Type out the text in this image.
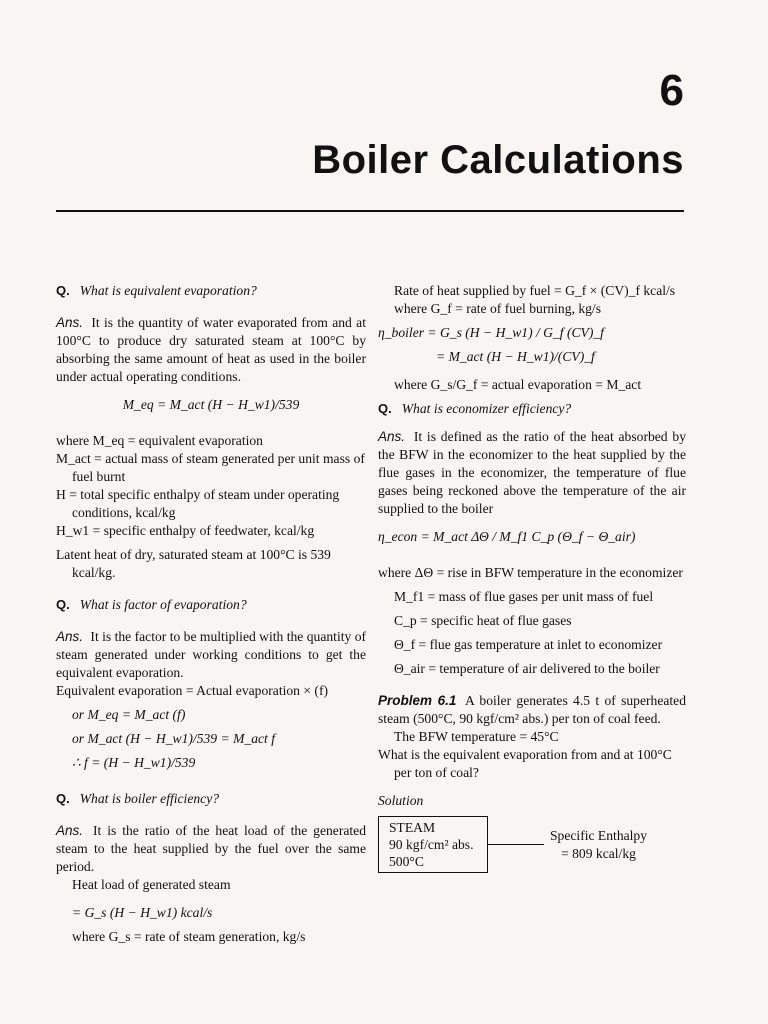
6
Boiler Calculations

Q. What is equivalent evaporation?

Ans. It is the quantity of water evaporated from and at 100°C to produce dry saturated steam at 100°C by absorbing the same amount of heat as used in the boiler under actual operating conditions.

M_eq = M_act (H − H_w1)/539

where M_eq = equivalent evaporation

M_act = actual mass of steam generated per unit mass of fuel burnt

H = total specific enthalpy of steam under operating conditions, kcal/kg

H_w1 = specific enthalpy of feedwater, kcal/kg

Latent heat of dry, saturated steam at 100°C is 539 kcal/kg.

Q. What is factor of evaporation?

Ans. It is the factor to be multiplied with the quantity of steam generated under working conditions to get the equivalent evaporation.

Equivalent evaporation = Actual evaporation × (f)

or M_eq = M_act (f)

or M_act (H − H_w1)/539 = M_act f

∴ f = (H − H_w1)/539

Q. What is boiler efficiency?

Ans. It is the ratio of the heat load of the generated steam to the heat supplied by the fuel over the same period.

Heat load of generated steam

= G_s (H − H_w1) kcal/s

where G_s = rate of steam generation, kg/s

Rate of heat supplied by fuel = G_f × (CV)_f kcal/s

where G_f = rate of fuel burning, kg/s

η_boiler = G_s (H − H_w1) / G_f (CV)_f

= M_act (H − H_w1)/(CV)_f

where G_s/G_f = actual evaporation = M_act

Q. What is economizer efficiency?

Ans. It is defined as the ratio of the heat absorbed by the BFW in the economizer to the heat supplied by the flue gases in the economizer, the temperature of flue gases being reckoned above the temperature of the air supplied to the boiler

η_econ = M_act ΔΘ / M_f1 C_p (Θ_f − Θ_air)

where ΔΘ = rise in BFW temperature in the economizer

M_f1 = mass of flue gases per unit mass of fuel

C_p = specific heat of flue gases

Θ_f = flue gas temperature at inlet to economizer

Θ_air = temperature of air delivered to the boiler

Problem 6.1 A boiler generates 4.5 t of superheated steam (500°C, 90 kgf/cm² abs.) per ton of coal feed.

The BFW temperature = 45°C

What is the equivalent evaporation from and at 100°C per ton of coal?

Solution

STEAM
90 kgf/cm² abs.
500°C
Specific Enthalpy
= 809 kcal/kg
